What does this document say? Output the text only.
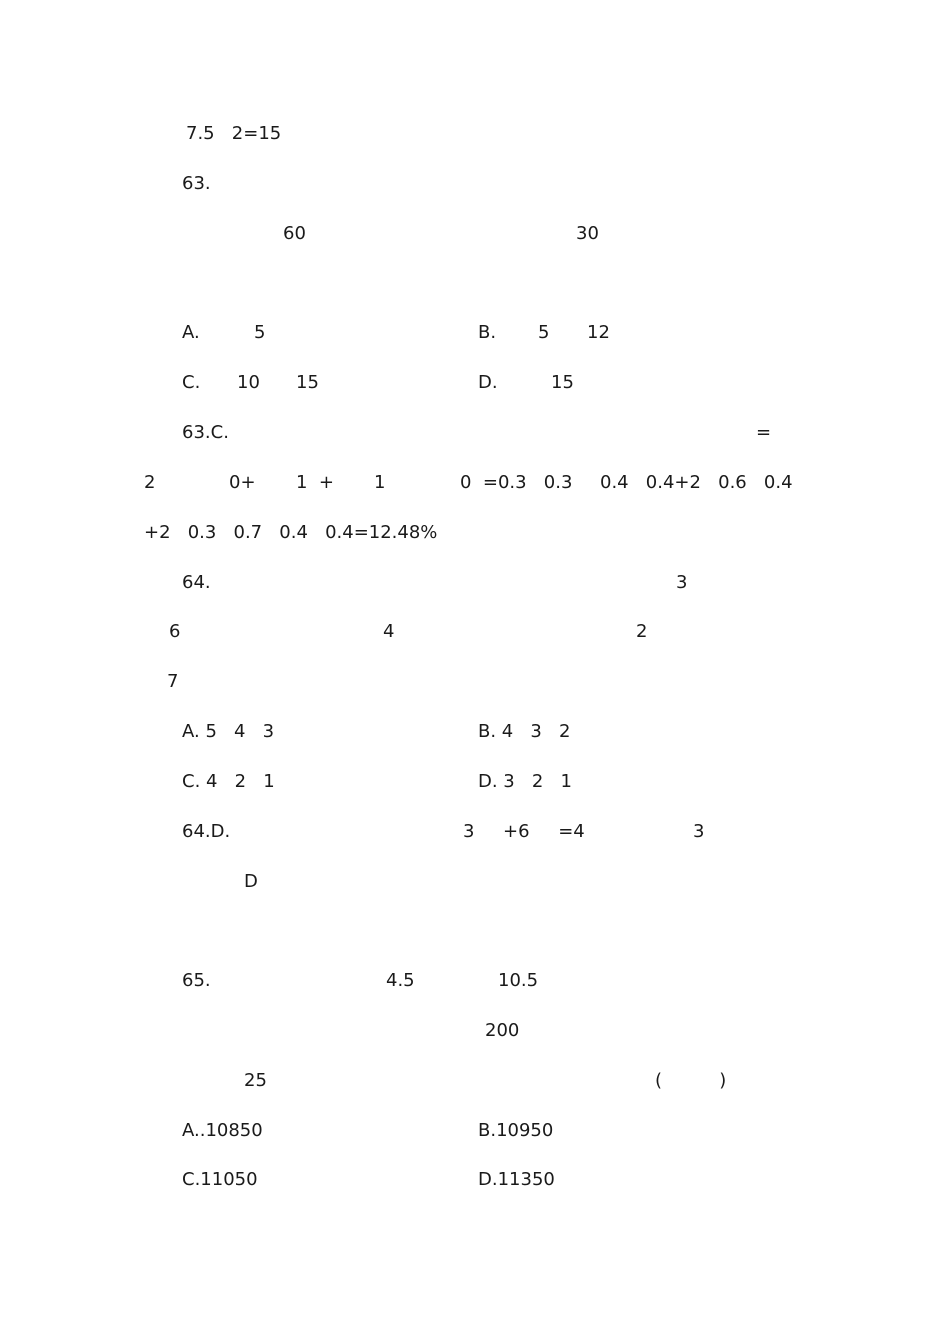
7.5   2=15
63.
60	30
A.	5	B. 5 12
C. 10 15	D.	15
63.C.	=
2	0+ 1  + 1	0  =0.3   0.3 0.4   0.4+2   0.6   0.4
+2   0.3   0.7   0.4   0.4=12.48%
64.	3
6	4	2
7
A. 5   4   3	B. 4   3   2
C. 4   2   1	D. 3   2   1
64.D.	3     +6     =4	3
D
65.	4.5	10.5
200
25	(          )
A..10850	B.10950
C.11050	D.11350
